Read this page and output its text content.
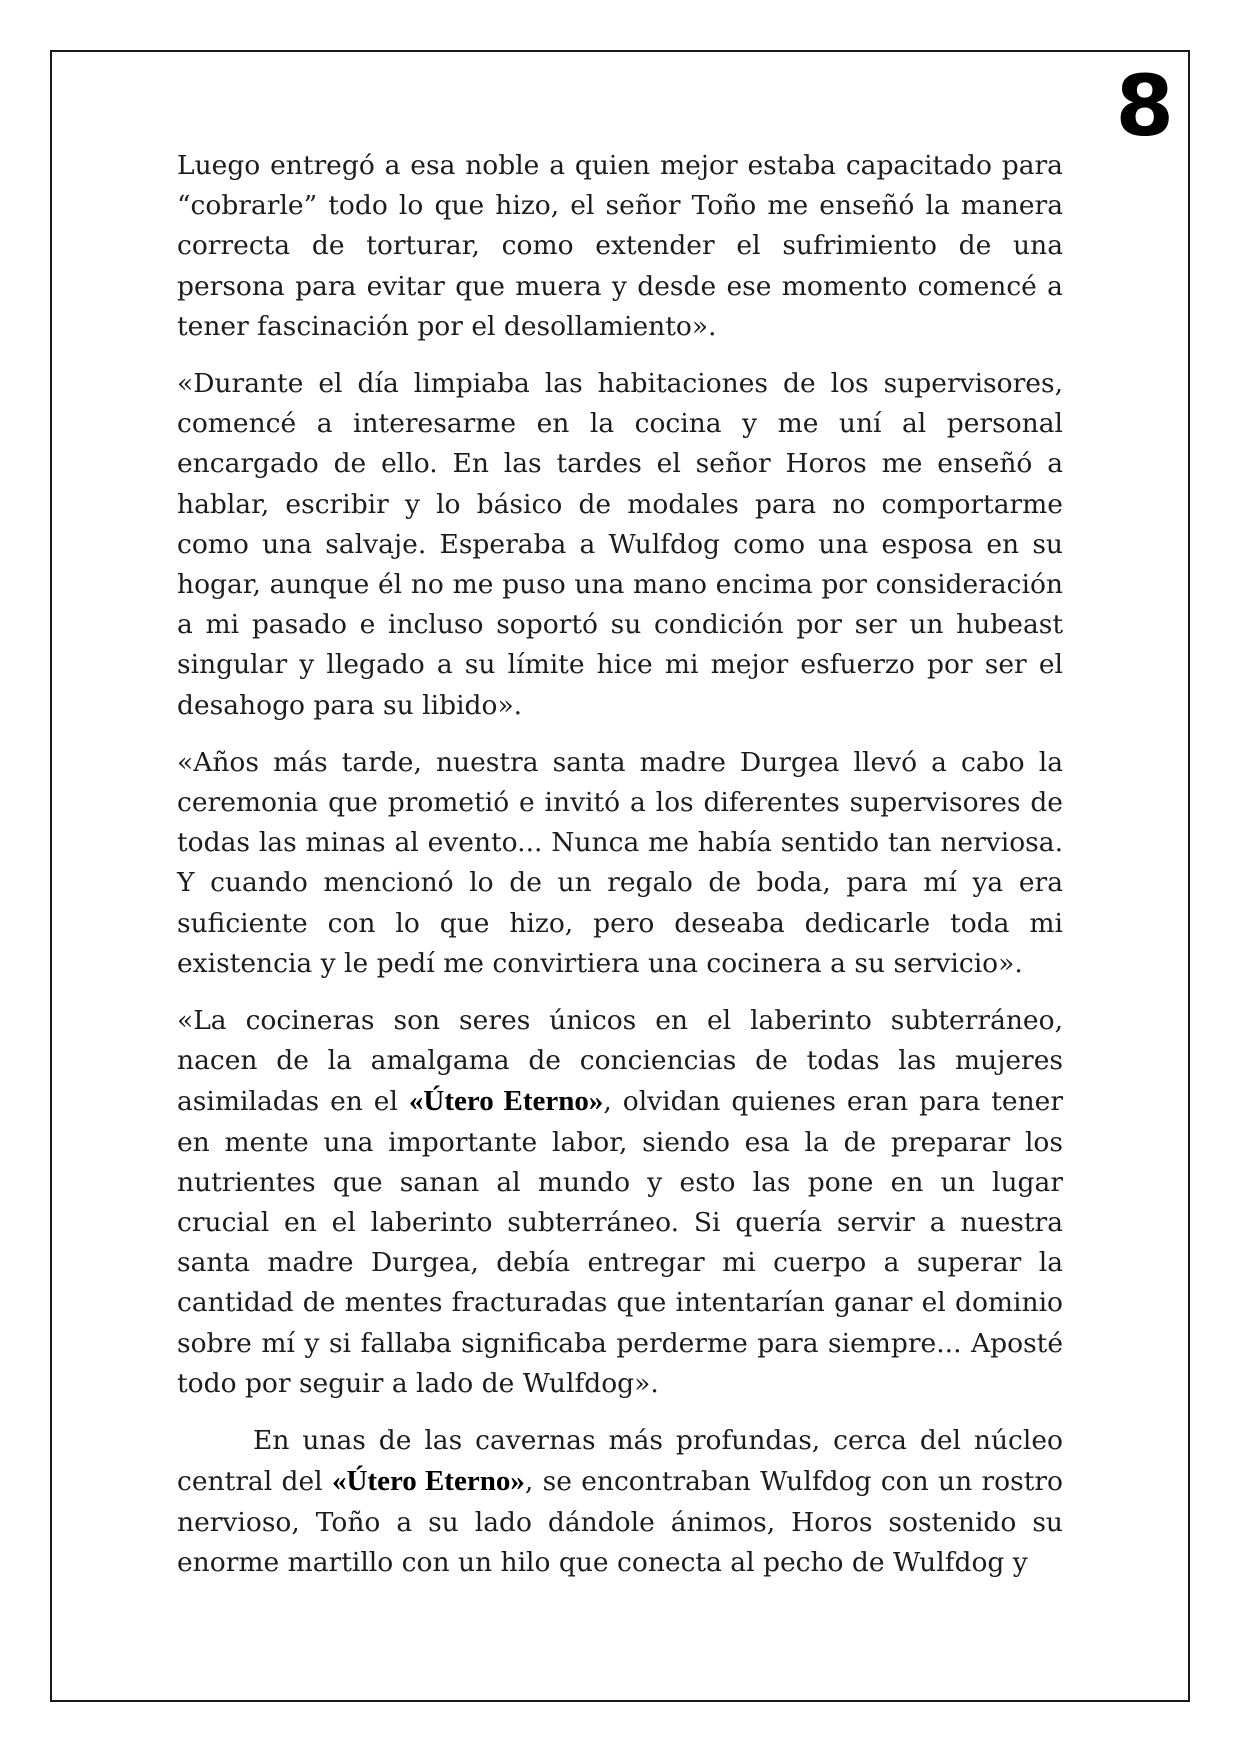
8

Luego entregó a esa noble a quien mejor estaba capacitado para “cobrarle” todo lo que hizo, el señor Toño me enseñó la manera correcta de torturar, como extender el sufrimiento de una persona para evitar que muera y desde ese momento comencé a tener fascinación por el desollamiento».

«Durante el día limpiaba las habitaciones de los supervisores, comencé a interesarme en la cocina y me uní al personal encargado de ello. En las tardes el señor Horos me enseñó a hablar, escribir y lo básico de modales para no comportarme como una salvaje. Esperaba a Wulfdog como una esposa en su hogar, aunque él no me puso una mano encima por consideración a mi pasado e incluso soportó su condición por ser un hubeast singular y llegado a su límite hice mi mejor esfuerzo por ser el desahogo para su libido».

«Años más tarde, nuestra santa madre Durgea llevó a cabo la ceremonia que prometió e invitó a los diferentes supervisores de todas las minas al evento... Nunca me había sentido tan nerviosa. Y cuando mencionó lo de un regalo de boda, para mí ya era suficiente con lo que hizo, pero deseaba dedicarle toda mi existencia y le pedí me convirtiera una cocinera a su servicio».

«La cocineras son seres únicos en el laberinto subterráneo, nacen de la amalgama de conciencias de todas las mujeres asimiladas en el «Útero Eterno», olvidan quienes eran para tener en mente una importante labor, siendo esa la de preparar los nutrientes que sanan al mundo y esto las pone en un lugar crucial en el laberinto subterráneo. Si quería servir a nuestra santa madre Durgea, debía entregar mi cuerpo a superar la cantidad de mentes fracturadas que intentarían ganar el dominio sobre mí y si fallaba significaba perderme para siempre... Aposté todo por seguir a lado de Wulfdog».

En unas de las cavernas más profundas, cerca del núcleo central del «Útero Eterno», se encontraban Wulfdog con un rostro nervioso, Toño a su lado dándole ánimos, Horos sostenido su enorme martillo con un hilo que conecta al pecho de Wulfdog y
